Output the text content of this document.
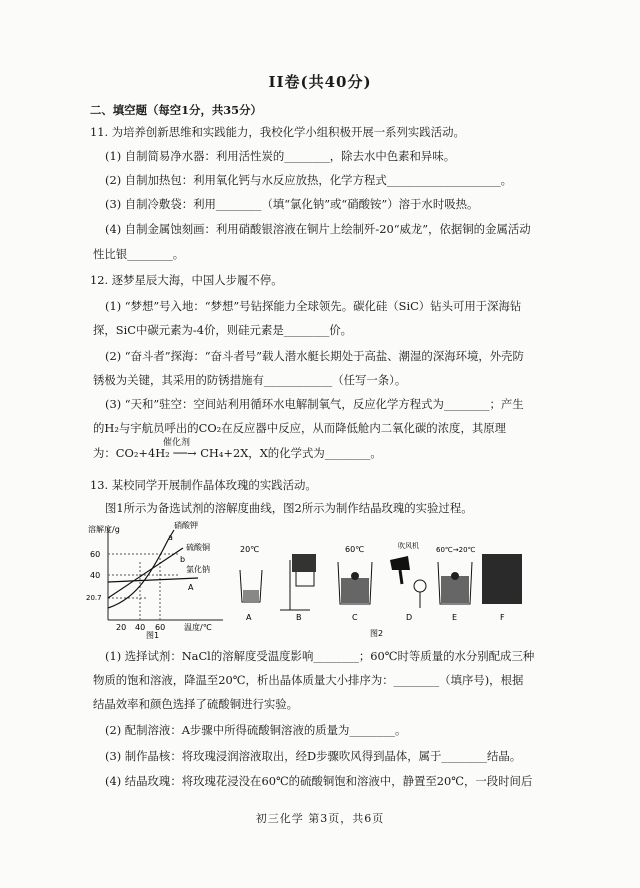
II卷(共40分)
二、填空题（每空1分，共35分）
11. 为培养创新思维和实践能力，我校化学小组积极开展一系列实践活动。
(1) 自制简易净水器：利用活性炭的________，除去水中色素和异味。
(2) 自制加热包：利用氧化钙与水反应放热，化学方程式____________________。
(3) 自制冷敷袋：利用________（填“氯化钠”或“硝酸铵”）溶于水时吸热。
(4) 自制金属蚀刻画：利用硝酸银溶液在铜片上绘制歼-20“威龙”，依据铜的金属活动
性比银________。
12. 逐梦星辰大海，中国人步履不停。
(1) “梦想”号入地：“梦想”号钻探能力全球领先。碳化硅（SiC）钻头可用于深海钻
探，SiC中碳元素为-4价，则硅元素是________价。
(2) “奋斗者”探海：“奋斗者号”载人潜水艇长期处于高盐、潮湿的深海环境，外壳防
锈极为关键，其采用的防锈措施有____________（任写一条）。
(3) “天和”驻空：空间站利用循环水电解制氧气，反应化学方程式为________；产生
的H₂与宇航员呼出的CO₂在反应器中反应，从而降低舱内二氧化碳的浓度，其原理
为：CO₂+4H₂ ──→ CH₄+2X，X的化学式为________。
催化剂
13. 某校同学开展制作晶体玫瑰的实践活动。
图1所示为备选试剂的溶解度曲线，图2所示为制作结晶玫瑰的实验过程。
溶解度/g
60
40
20.7
20 40 60 温度/℃
硝酸钾
硫酸铜
氯化钠
a
b
A
图1
20℃	60℃	吹风机 60℃→20℃
A	B	C	D	E	F
图2
(1) 选择试剂：NaCl的溶解度受温度影响________；60℃时等质量的水分别配成三种
物质的饱和溶液，降温至20℃，析出晶体质量大小排序为：________（填序号)，根据
结晶效率和颜色选择了硫酸铜进行实验。
(2) 配制溶液：A步骤中所得硫酸铜溶液的质量为________。
(3) 制作晶核：将玫瑰浸润溶液取出，经D步骤吹风得到晶体，属于________结晶。
(4) 结晶玫瑰：将玫瑰花浸没在60℃的硫酸铜饱和溶液中，静置至20℃，一段时间后
初三化学 第3页，共6页
